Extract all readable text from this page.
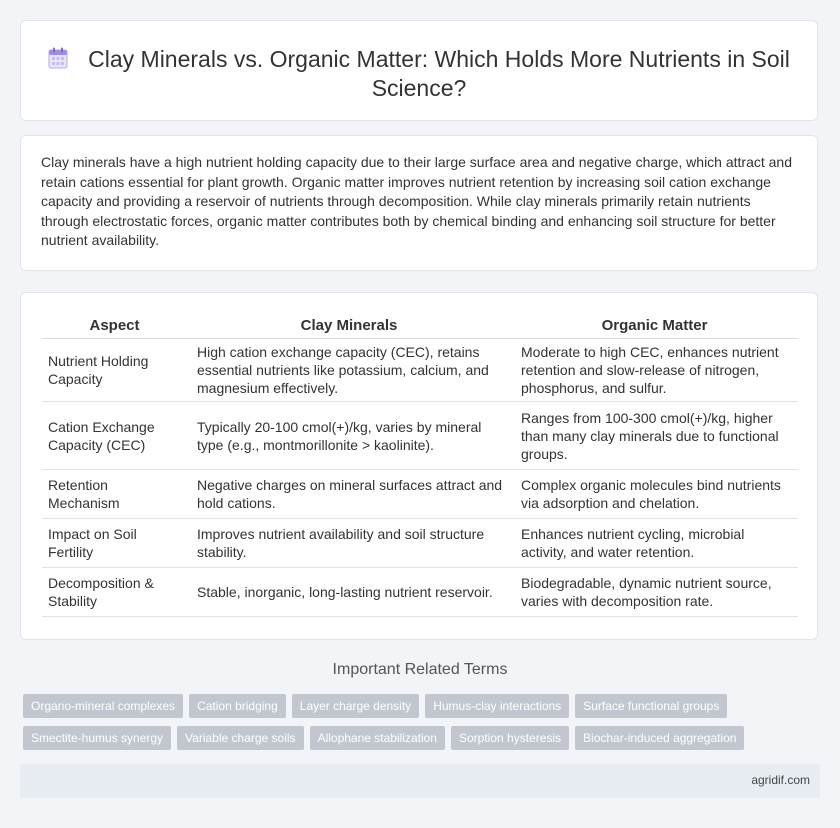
Clay Minerals vs. Organic Matter: Which Holds More Nutrients in Soil Science?
Clay minerals have a high nutrient holding capacity due to their large surface area and negative charge, which attract and retain cations essential for plant growth. Organic matter improves nutrient retention by increasing soil cation exchange capacity and providing a reservoir of nutrients through decomposition. While clay minerals primarily retain nutrients through electrostatic forces, organic matter contributes both by chemical binding and enhancing soil structure for better nutrient availability.
Aspect	Clay Minerals	Organic Matter
Nutrient Holding Capacity	High cation exchange capacity (CEC), retains essential nutrients like potassium, calcium, and magnesium effectively.	Moderate to high CEC, enhances nutrient retention and slow-release of nitrogen, phosphorus, and sulfur.
Cation Exchange Capacity (CEC)	Typically 20-100 cmol(+)/kg, varies by mineral type (e.g., montmorillonite > kaolinite).	Ranges from 100-300 cmol(+)/kg, higher than many clay minerals due to functional groups.
Retention Mechanism	Negative charges on mineral surfaces attract and hold cations.	Complex organic molecules bind nutrients via adsorption and chelation.
Impact on Soil Fertility	Improves nutrient availability and soil structure stability.	Enhances nutrient cycling, microbial activity, and water retention.
Decomposition & Stability	Stable, inorganic, long-lasting nutrient reservoir.	Biodegradable, dynamic nutrient source, varies with decomposition rate.
Important Related Terms
Organo-mineral complexes	Cation bridging	Layer charge density	Humus-clay interactions	Surface functional groups
Smectite-humus synergy	Variable charge soils	Allophane stabilization	Sorption hysteresis	Biochar-induced aggregation
agridif.com
